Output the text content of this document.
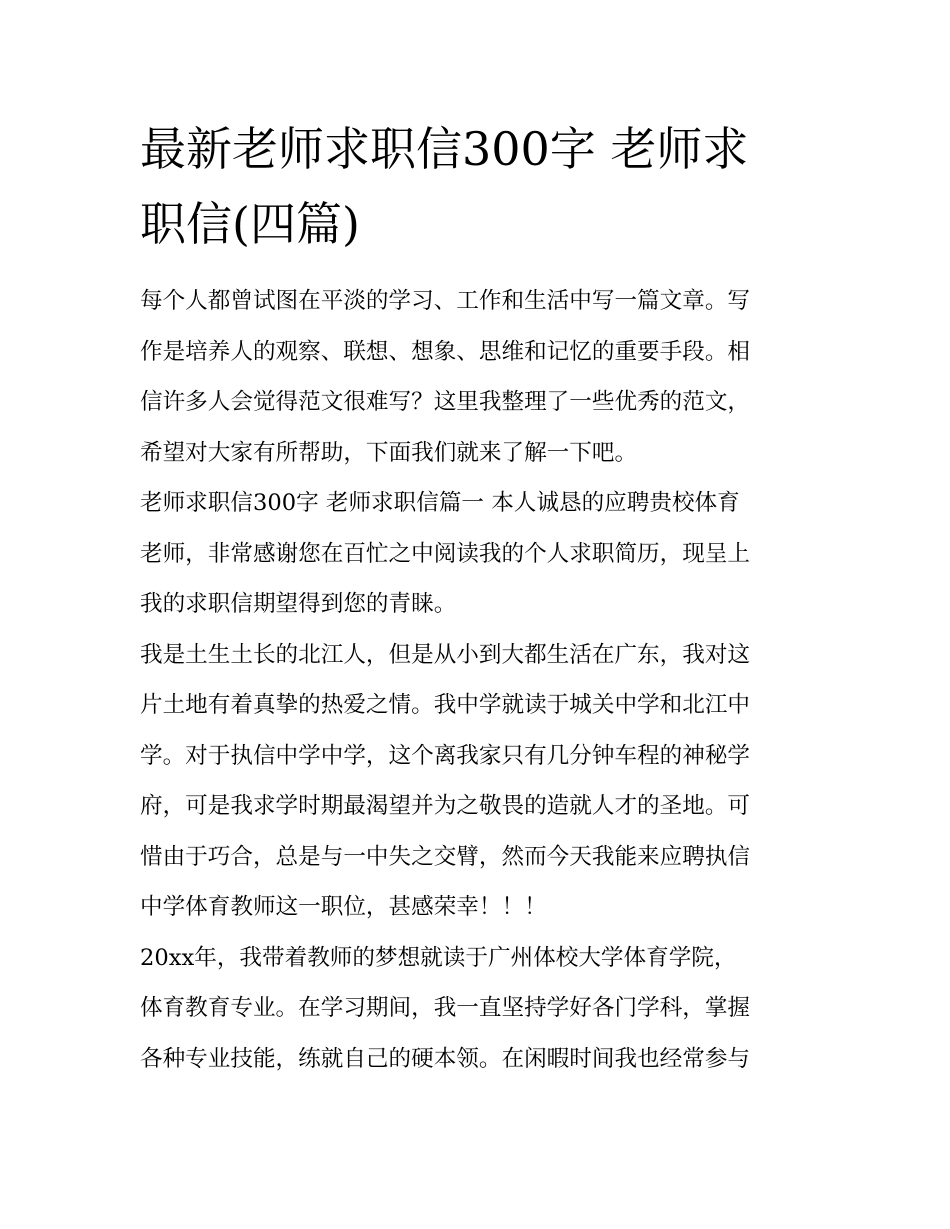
最新老师求职信300字 老师求
职信(四篇)
每个人都曾试图在平淡的学习、工作和生活中写一篇文章。写
作是培养人的观察、联想、想象、思维和记忆的重要手段。相
信许多人会觉得范文很难写？这里我整理了一些优秀的范文，
希望对大家有所帮助，下面我们就来了解一下吧。
老师求职信300字 老师求职信篇一 本人诚恳的应聘贵校体育
老师，非常感谢您在百忙之中阅读我的个人求职简历，现呈上
我的求职信期望得到您的青睐。
我是土生土长的北江人，但是从小到大都生活在广东，我对这
片土地有着真挚的热爱之情。我中学就读于城关中学和北江中
学。对于执信中学中学，这个离我家只有几分钟车程的神秘学
府，可是我求学时期最渴望并为之敬畏的造就人才的圣地。可
惜由于巧合，总是与一中失之交臂，然而今天我能来应聘执信
中学体育教师这一职位，甚感荣幸！！！
20xx年，我带着教师的梦想就读于广州体校大学体育学院，
体育教育专业。在学习期间，我一直坚持学好各门学科，掌握
各种专业技能，练就自己的硬本领。在闲暇时间我也经常参与
